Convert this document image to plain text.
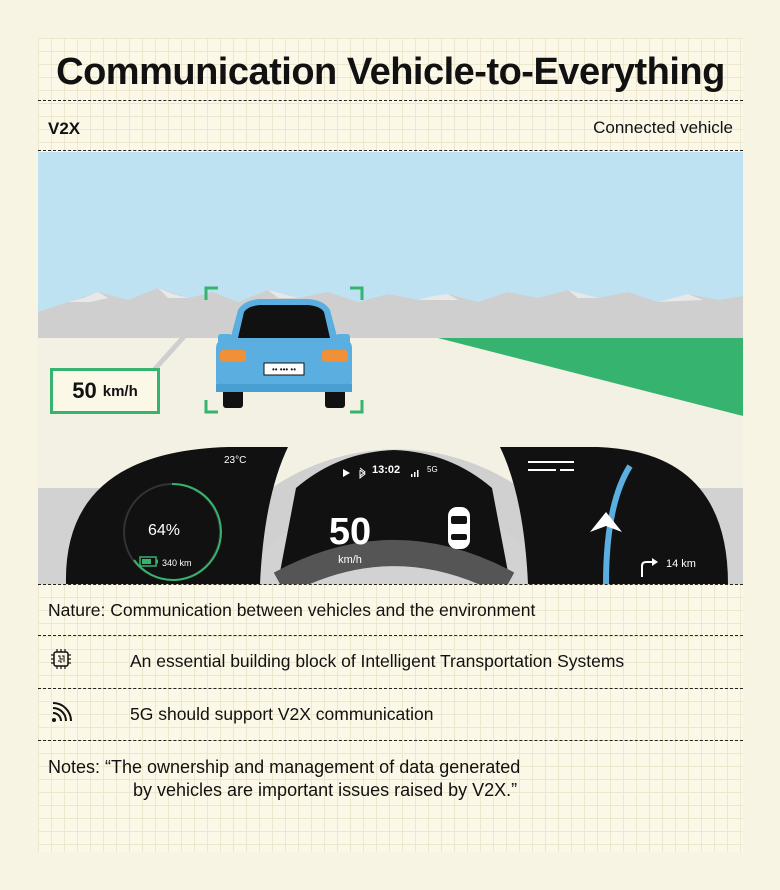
Communication Vehicle-to-Everything
V2X	Connected vehicle
•• ••• ••
23°C
13:02	5G
64%
340 km
50
km/h	14 km
50 km/h
Nature: Communication between vehicles and the environment
An essential building block of Intelligent Transportation Systems
5G should support V2X communication
Notes: “The ownership and management of data generated
by vehicles are important issues raised by V2X.”
